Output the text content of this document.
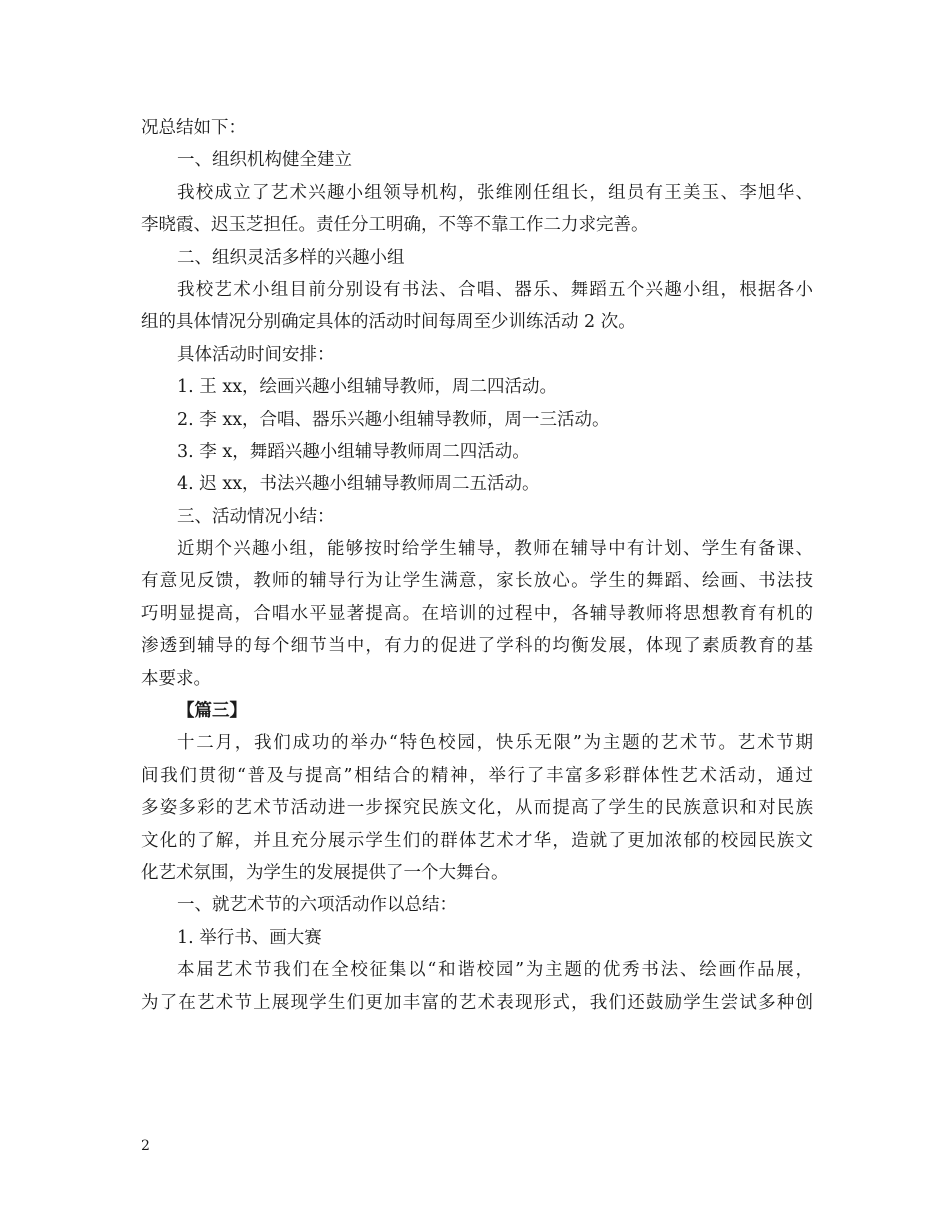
况总结如下：
一、组织机构健全建立
我校成立了艺术兴趣小组领导机构，张维刚任组长，组员有王美玉、李旭华、
李晓霞、迟玉芝担任。责任分工明确，不等不靠工作二力求完善。
二、组织灵活多样的兴趣小组
我校艺术小组目前分别设有书法、合唱、器乐、舞蹈五个兴趣小组，根据各小
组的具体情况分别确定具体的活动时间每周至少训练活动 2 次。
具体活动时间安排：
1. 王 xx，绘画兴趣小组辅导教师，周二四活动。
2. 李 xx，合唱、器乐兴趣小组辅导教师，周一三活动。
3. 李 x，舞蹈兴趣小组辅导教师周二四活动。
4. 迟 xx，书法兴趣小组辅导教师周二五活动。
三、活动情况小结：
近期个兴趣小组，能够按时给学生辅导，教师在辅导中有计划、学生有备课、
有意见反馈，教师的辅导行为让学生满意，家长放心。学生的舞蹈、绘画、书法技
巧明显提高，合唱水平显著提高。在培训的过程中，各辅导教师将思想教育有机的
渗透到辅导的每个细节当中，有力的促进了学科的均衡发展，体现了素质教育的基
本要求。
【篇三】
十二月，我们成功的举办“特色校园，快乐无限”为主题的艺术节。艺术节期
间我们贯彻“普及与提高”相结合的精神，举行了丰富多彩群体性艺术活动，通过
多姿多彩的艺术节活动进一步探究民族文化，从而提高了学生的民族意识和对民族
文化的了解，并且充分展示学生们的群体艺术才华，造就了更加浓郁的校园民族文
化艺术氛围，为学生的发展提供了一个大舞台。
一、就艺术节的六项活动作以总结：
1. 举行书、画大赛
本届艺术节我们在全校征集以“和谐校园”为主题的优秀书法、绘画作品展，
为了在艺术节上展现学生们更加丰富的艺术表现形式，我们还鼓励学生尝试多种创
2
